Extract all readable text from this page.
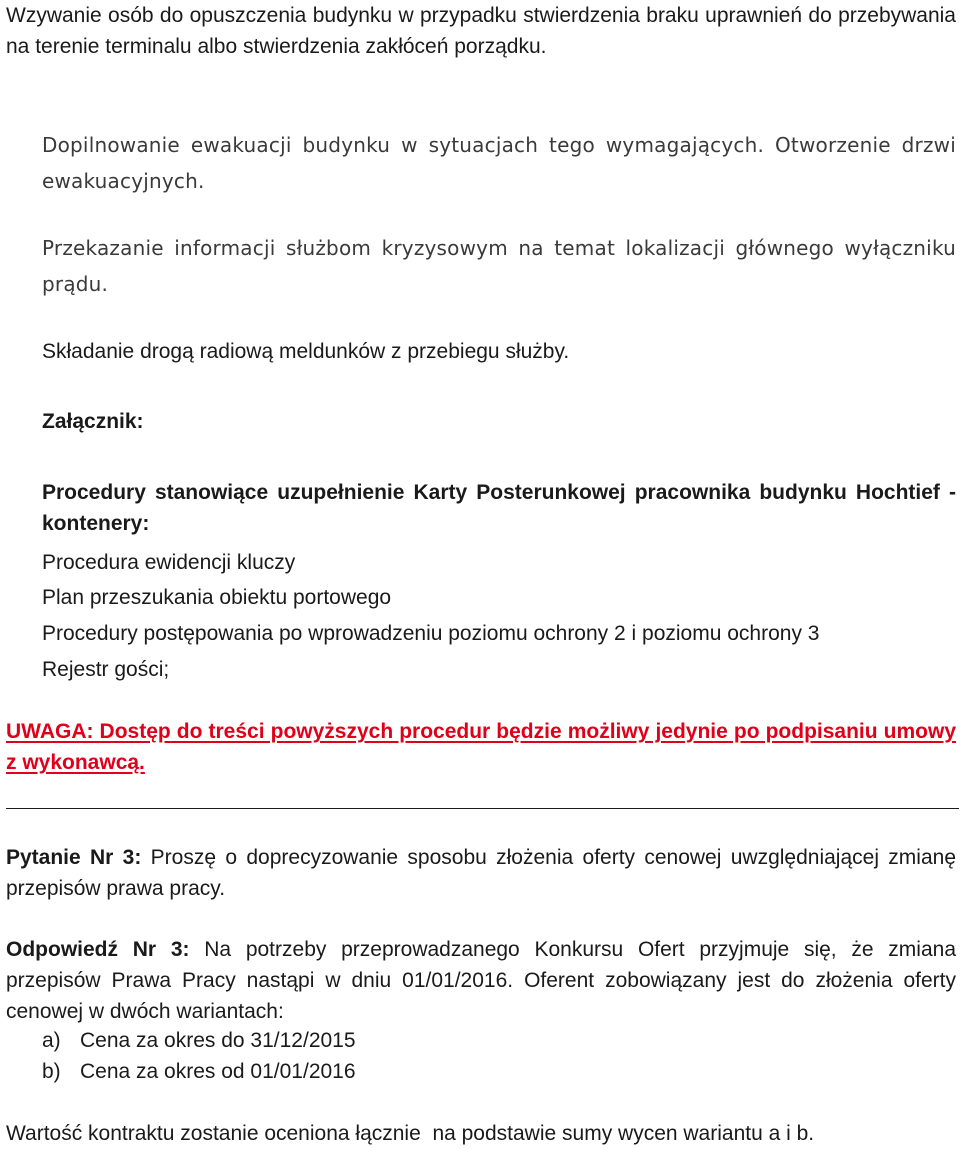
Wzywanie osób do opuszczenia budynku w przypadku stwierdzenia braku uprawnień do przebywania na terenie terminalu albo stwierdzenia zakłóceń porządku.

Dopilnowanie ewakuacji budynku w sytuacjach tego wymagających. Otworzenie drzwi ewakuacyjnych.

Przekazanie informacji służbom kryzysowym na temat lokalizacji głównego wyłączniku prądu.

Składanie drogą radiową meldunków z przebiegu służby.

Załącznik:

Procedury stanowiące uzupełnienie Karty Posterunkowej pracownika budynku Hochtief - kontenery:

Procedura ewidencji kluczy

Plan przeszukania obiektu portowego

Procedury postępowania po wprowadzeniu poziomu ochrony 2 i poziomu ochrony 3

Rejestr gości;

UWAGA: Dostęp do treści powyższych procedur będzie możliwy jedynie po podpisaniu umowy z wykonawcą.

Pytanie Nr 3: Proszę o doprecyzowanie sposobu złożenia oferty cenowej uwzględniającej zmianę przepisów prawa pracy.

Odpowiedź Nr 3: Na potrzeby przeprowadzanego Konkursu Ofert przyjmuje się, że zmiana przepisów Prawa Pracy nastąpi w dniu 01/01/2016. Oferent zobowiązany jest do złożenia oferty cenowej w dwóch wariantach:

a) Cena za okres do 31/12/2015
b) Cena za okres od 01/01/2016

Wartość kontraktu zostanie oceniona łącznie  na podstawie sumy wycen wariantu a i b.
